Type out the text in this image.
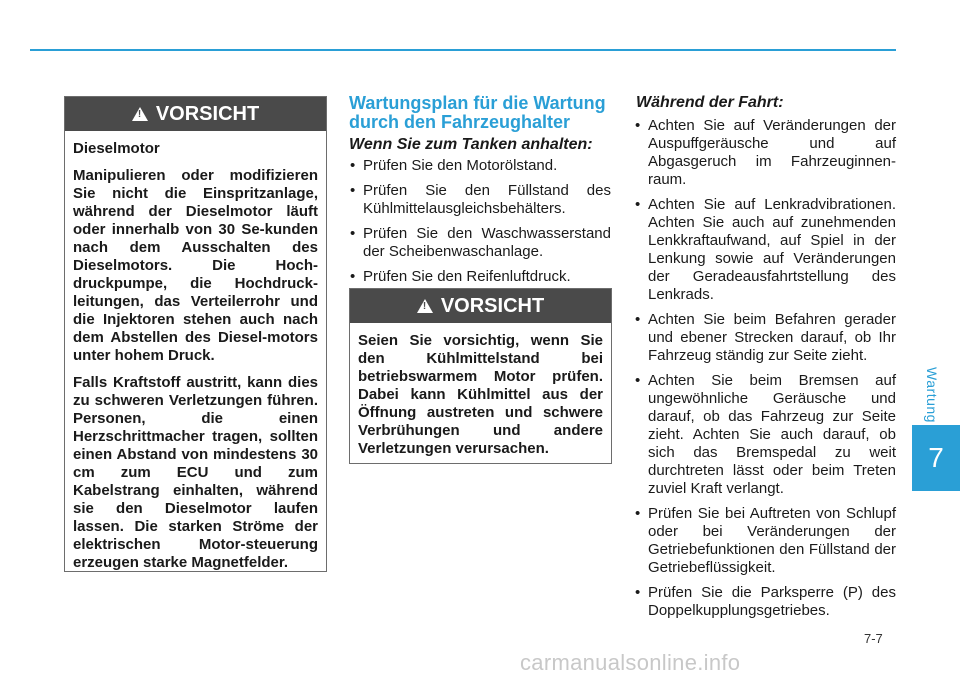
Wartung
7
!
VORSICHT

Dieselmotor

Manipulieren oder modifizieren Sie nicht die Einspritzanlage, während der Dieselmotor läuft oder innerhalb von 30 Se-kunden nach dem Ausschalten des Dieselmotors. Die Hoch-druckpumpe, die Hochdruck-leitungen, das Verteilerrohr und die Injektoren stehen auch nach dem Abstellen des Diesel-motors unter hohem Druck.

Falls Kraftstoff austritt, kann dies zu schweren Verletzungen führen. Personen, die einen Herzschrittmacher tragen, sollten einen Abstand von mindestens 30 cm zum ECU und zum Kabelstrang einhalten, während sie den Dieselmotor laufen lassen. Die starken Ströme der elektrischen Motor-steuerung erzeugen starke Magnetfelder.

Wartungsplan für die Wartung durch den Fahrzeughalter
Wenn Sie zum Tanken anhalten:
• Prüfen Sie den Motorölstand.
• Prüfen Sie den Füllstand des Kühlmittelausgleichsbehälters.
• Prüfen Sie den Waschwasserstand der Scheibenwaschanlage.
• Prüfen Sie den Reifenluftdruck.
!
VORSICHT

Seien Sie vorsichtig, wenn Sie den Kühlmittelstand bei betriebswarmem Motor prüfen. Dabei kann Kühlmittel aus der Öffnung austreten und schwere Verbrühungen und andere Verletzungen verursachen.

Während der Fahrt:
• Achten Sie auf Veränderungen der Auspuffgeräusche und auf Abgasgeruch im Fahrzeuginnen-raum.
• Achten Sie auf Lenkradvibrationen. Achten Sie auch auf zunehmenden Lenkkraftaufwand, auf Spiel in der Lenkung sowie auf Veränderungen der Geradeausfahrtstellung des Lenkrads.
• Achten Sie beim Befahren gerader und ebener Strecken darauf, ob Ihr Fahrzeug ständig zur Seite zieht.
• Achten Sie beim Bremsen auf ungewöhnliche Geräusche und darauf, ob das Fahrzeug zur Seite zieht. Achten Sie auch darauf, ob sich das Bremspedal zu weit durchtreten lässt oder beim Treten zuviel Kraft verlangt.
• Prüfen Sie bei Auftreten von Schlupf oder bei Veränderungen der Getriebefunktionen den Füllstand der Getriebeflüssigkeit.
• Prüfen Sie die Parksperre (P) des Doppelkupplungsgetriebes.
7-7
carmanualsonline.info
